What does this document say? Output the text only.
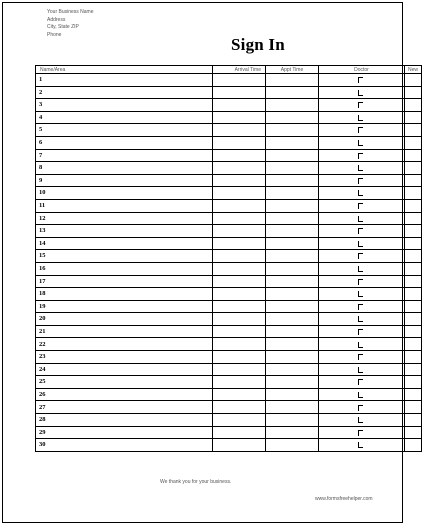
Your Business Name
Address
City, State ZIP
Phone
Sign In
Name/Area	Arrival Time	Appt Time	Doctor	New

1
2
3
4
5
6
7
8
9
10
11
12
13
14
15
16
17
18
19
20
21
22
23
24
25
26
27
28
29
30
We thank you for your business.
www.formsfreehelper.com
